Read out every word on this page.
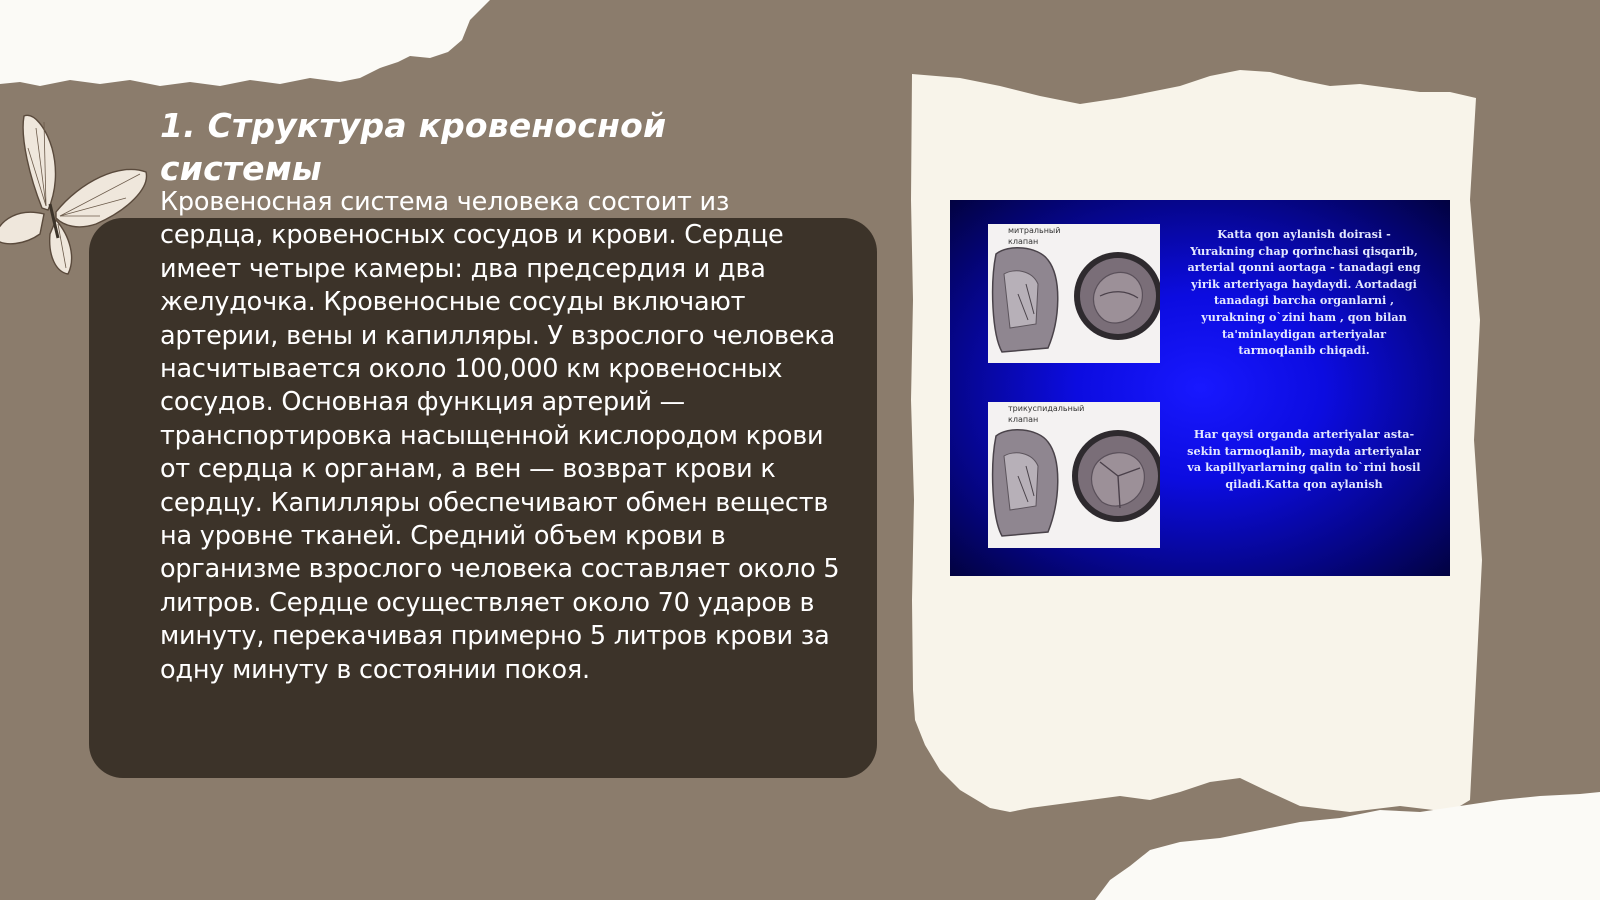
1. Структура кровеносной системы

Кровеносная система человека состоит из сердца, кровеносных сосудов и крови. Сердце имеет четыре камеры: два предсердия и два желудочка. Кровеносные сосуды включают артерии, вены и капилляры. У взрослого человека насчитывается около 100,000 км кровеносных сосудов. Основная функция артерий — транспортировка насыщенной кислородом крови от сердца к органам, а вен — возврат крови к сердцу. Капилляры обеспечивают обмен веществ на уровне тканей. Средний объем крови в организме взрослого человека составляет около 5 литров. Сердце осуществляет около 70 ударов в минуту, перекачивая примерно 5 литров крови за одну минуту в состоянии покоя.

митральный клапан
трикуспидальный клапан

Katta qon aylanish doirasi - Yurakning chap qorinchasi qisqarib, arterial qonni aortaga - tanadagi eng yirik arteriyaga haydaydi. Aortadagi tanadagi barcha organlarni , yurakning o`zini ham , qon bilan ta'minlaydigan arteriyalar tarmoqlanib chiqadi.

Har qaysi organda arteriyalar asta-sekin tarmoqlanib, mayda arteriyalar va kapillyarlarning qalin to`rini hosil qiladi.Katta qon aylanish
